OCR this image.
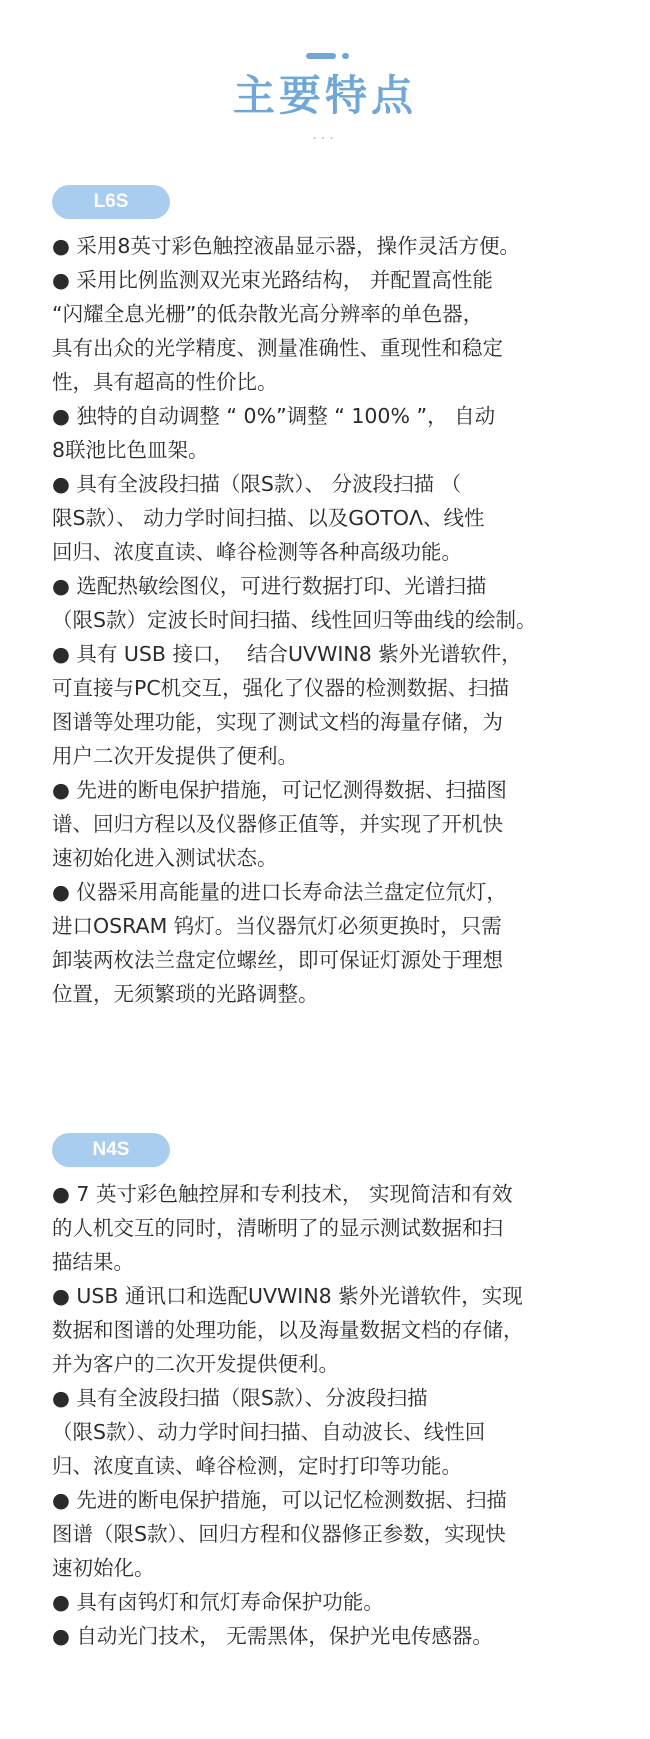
主要特点
···
L6S
● 采用8英寸彩色触控液晶显示器，操作灵活方便。
● 采用比例监测双光束光路结构， 并配置高性能
“闪耀全息光栅”的低杂散光高分辨率的单色器，
具有出众的光学精度、测量准确性、重现性和稳定
性，具有超高的性价比。
● 独特的自动调整 “ 0%”调整 “ 100% ”， 自动
8联池比色皿架。
● 具有全波段扫描（限S款）、 分波段扫描 （
限S款）、 动力学时间扫描、以及GOTOΛ、线性
回归、浓度直读、峰谷检测等各种高级功能。
● 选配热敏绘图仪，可进行数据打印、光谱扫描
（限S款）定波长时间扫描、线性回归等曲线的绘制。
● 具有 USB 接口，  结合UVWIN8 紫外光谱软件，
可直接与PC机交互，强化了仪器的检测数据、扫描
图谱等处理功能，实现了测试文档的海量存储，为
用户二次开发提供了便利。
● 先进的断电保护措施，可记忆测得数据、扫描图
谱、回归方程以及仪器修正值等，并实现了开机快
速初始化进入测试状态。
● 仪器采用高能量的进口长寿命法兰盘定位氘灯，
进口OSRAM 钨灯。当仪器氘灯必须更换时，只需
卸装两枚法兰盘定位螺丝，即可保证灯源处于理想
位置，无须繁琐的光路调整。
N4S
● 7 英寸彩色触控屏和专利技术， 实现简洁和有效
的人机交互的同时，清晰明了的显示测试数据和扫
描结果。
● USB 通讯口和选配UVWIN8 紫外光谱软件，实现
数据和图谱的处理功能，以及海量数据文档的存储，
并为客户的二次开发提供便利。
● 具有全波段扫描（限S款）、分波段扫描
（限S款）、动力学时间扫描、自动波长、线性回
归、浓度直读、峰谷检测，定时打印等功能。
● 先进的断电保护措施，可以记忆检测数据、扫描
图谱（限S款）、回归方程和仪器修正参数，实现快
速初始化。
● 具有卤钨灯和氘灯寿命保护功能。
● 自动光门技术， 无需黑体，保护光电传感器。
